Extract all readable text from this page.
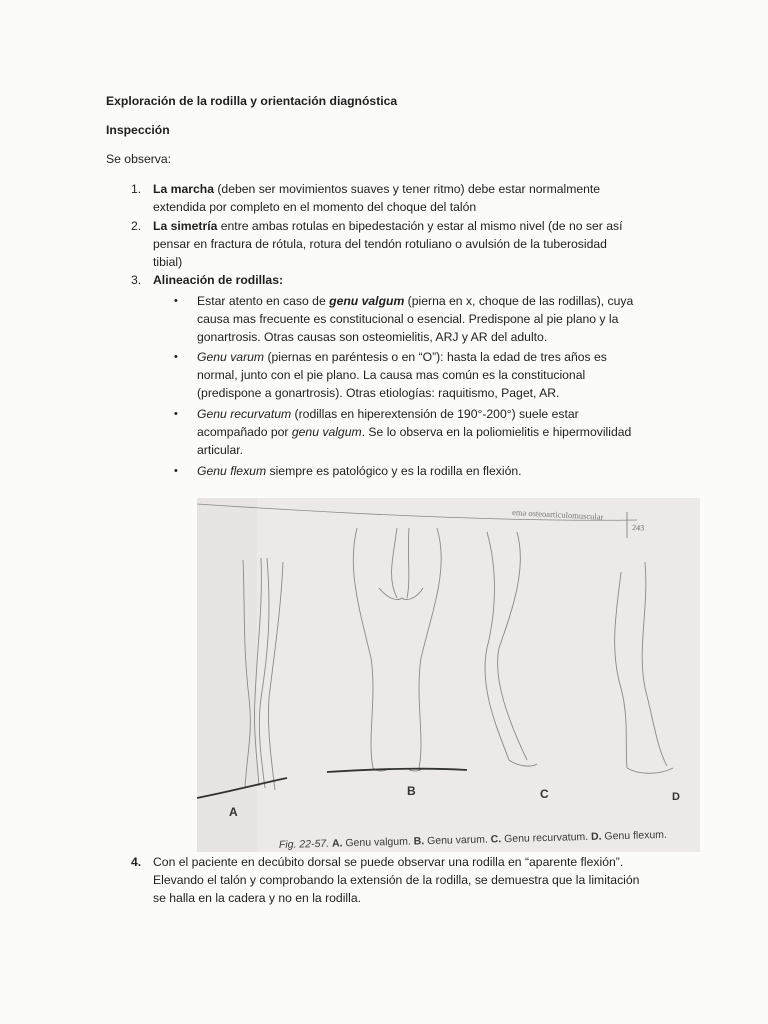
Exploración de la rodilla y orientación diagnóstica
Inspección
Se observa:
1. La marcha (deben ser movimientos suaves y tener ritmo) debe estar normalmente
extendida por completo en el momento del choque del talón
2. La simetría entre ambas rotulas en bipedestación y estar al mismo nivel (de no ser así
pensar en fractura de rótula, rotura del tendón rotuliano o avulsión de la tuberosidad
tibial)
3. Alineación de rodillas:
• Estar atento en caso de genu valgum (pierna en x, choque de las rodillas), cuya
causa mas frecuente es constitucional o esencial. Predispone al pie plano y la
gonartrosis. Otras causas son osteomielitis, ARJ y AR del adulto.
• Genu varum (piernas en paréntesis o en “O”): hasta la edad de tres años es
normal, junto con el pie plano. La causa mas común es la constitucional
(predispone a gonartrosis). Otras etiologías: raquitismo, Paget, AR.
• Genu recurvatum (rodillas en hiperextensión de 190°-200°) suele estar
acompañado por genu valgum. Se lo observa en la poliomielitis e hipermovilidad
articular.
• Genu flexum siempre es patológico y es la rodilla en flexión.
ema osteoarticulomuscular
243
A
B	C	D
Fig. 22-57. A. Genu valgum. B. Genu varum. C. Genu recurvatum. D. Genu flexum.
4. Con el paciente en decúbito dorsal se puede observar una rodilla en “aparente flexión”.
Elevando el talón y comprobando la extensión de la rodilla, se demuestra que la limitación
se halla en la cadera y no en la rodilla.
